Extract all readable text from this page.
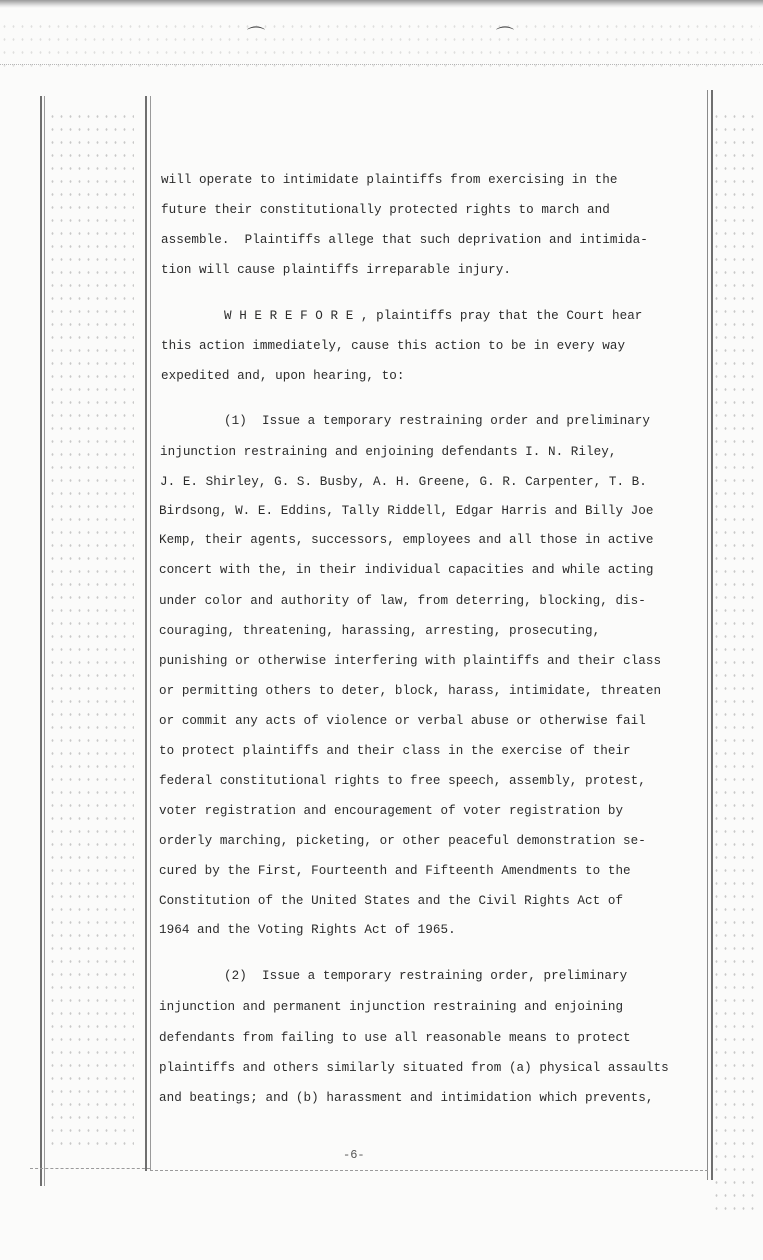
⌒	⌒
will operate to intimidate plaintiffs from exercising in the
future their constitutionally protected rights to march and
assemble.  Plaintiffs allege that such deprivation and intimida-
tion will cause plaintiffs irreparable injury.
W H E R E F O R E , plaintiffs pray that the Court hear
this action immediately, cause this action to be in every way
expedited and, upon hearing, to:
(1)  Issue a temporary restraining order and preliminary
injunction restraining and enjoining defendants I. N. Riley,
J. E. Shirley, G. S. Busby, A. H. Greene, G. R. Carpenter, T. B.
Birdsong, W. E. Eddins, Tally Riddell, Edgar Harris and Billy Joe
Kemp, their agents, successors, employees and all those in active
concert with the, in their individual capacities and while acting
under color and authority of law, from deterring, blocking, dis-
couraging, threatening, harassing, arresting, prosecuting,
punishing or otherwise interfering with plaintiffs and their class
or permitting others to deter, block, harass, intimidate, threaten
or commit any acts of violence or verbal abuse or otherwise fail
to protect plaintiffs and their class in the exercise of their
federal constitutional rights to free speech, assembly, protest,
voter registration and encouragement of voter registration by
orderly marching, picketing, or other peaceful demonstration se-
cured by the First, Fourteenth and Fifteenth Amendments to the
Constitution of the United States and the Civil Rights Act of
1964 and the Voting Rights Act of 1965.
(2)  Issue a temporary restraining order, preliminary
injunction and permanent injunction restraining and enjoining
defendants from failing to use all reasonable means to protect
plaintiffs and others similarly situated from (a) physical assaults
and beatings; and (b) harassment and intimidation which prevents,
-6-
